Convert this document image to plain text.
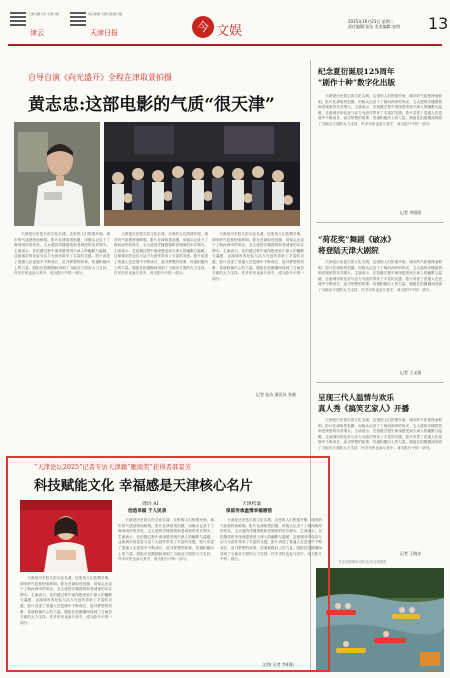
上海交通大学 天津日报	每日新闻 天津日报客户端
津云	天津日报	今 文娱
2025年10月21日 星期二
责任编辑:张洁 美术编辑:安琪	13
自导自演《向光盛开》全程在津取景拍摄
黄志忠:这部电影的气质“很天津”

天津是历史悠久的文化名城，这里的人们热情开朗，城市的气质独特而鲜明。影片在津取景拍摄，用镜头记录下了海河两岸的风光、五大道的洋楼建筑和老城里的市井烟火。主演表示，在拍摄过程中深深感受到天津人的幽默与温暖，这座城市的包容与活力为创作带来了丰富的灵感。影片讲述了普通人在逆境中不断成长、追寻梦想的故事，传递积极向上的力量。剧组在拍摄期间得到了当地各方面的大力支持，许多市民也参与其中，成为影片中的一部分。

天津是历史悠久的文化名城，这里的人们热情开朗，城市的气质独特而鲜明。影片在津取景拍摄，用镜头记录下了海河两岸的风光、五大道的洋楼建筑和老城里的市井烟火。主演表示，在拍摄过程中深深感受到天津人的幽默与温暖，这座城市的包容与活力为创作带来了丰富的灵感。影片讲述了普通人在逆境中不断成长、追寻梦想的故事，传递积极向上的力量。剧组在拍摄期间得到了当地各方面的大力支持，许多市民也参与其中，成为影片中的一部分。

天津是历史悠久的文化名城，这里的人们热情开朗，城市的气质独特而鲜明。影片在津取景拍摄，用镜头记录下了海河两岸的风光、五大道的洋楼建筑和老城里的市井烟火。主演表示，在拍摄过程中深深感受到天津人的幽默与温暖，这座城市的包容与活力为创作带来了丰富的灵感。影片讲述了普通人在逆境中不断成长、追寻梦想的故事，传递积极向上的力量。剧组在拍摄期间得到了当地各方面的大力支持，许多市民也参与其中，成为影片中的一部分。

记者 张洁 通讯员 张晓
纪念夏衍诞辰125周年
“剧作十种”数字化出版

天津是历史悠久的文化名城，这里的人们热情开朗，城市的气质独特而鲜明。影片在津取景拍摄，用镜头记录下了海河两岸的风光、五大道的洋楼建筑和老城里的市井烟火。主演表示，在拍摄过程中深深感受到天津人的幽默与温暖，这座城市的包容与活力为创作带来了丰富的灵感。影片讲述了普通人在逆境中不断成长、追寻梦想的故事，传递积极向上的力量。剧组在拍摄期间得到了当地各方面的大力支持，许多市民也参与其中，成为影片中的一部分。

记者 李阳阳
“荷花奖”舞剧《破冰》
将登陆天津大剧院

天津是历史悠久的文化名城，这里的人们热情开朗，城市的气质独特而鲜明。影片在津取景拍摄，用镜头记录下了海河两岸的风光、五大道的洋楼建筑和老城里的市井烟火。主演表示，在拍摄过程中深深感受到天津人的幽默与温暖，这座城市的包容与活力为创作带来了丰富的灵感。影片讲述了普通人在逆境中不断成长、追寻梦想的故事，传递积极向上的力量。剧组在拍摄期间得到了当地各方面的大力支持，许多市民也参与其中，成为影片中的一部分。

记者 王文娟
呈现三代人温情与欢乐
真人秀《搞笑艺家人》开播

天津是历史悠久的文化名城，这里的人们热情开朗，城市的气质独特而鲜明。影片在津取景拍摄，用镜头记录下了海河两岸的风光、五大道的洋楼建筑和老城里的市井烟火。主演表示，在拍摄过程中深深感受到天津人的幽默与温暖，这座城市的包容与活力为创作带来了丰富的灵感。影片讲述了普通人在逆境中不断成长、追寻梦想的故事，传递积极向上的力量。剧组在拍摄期间得到了当地各方面的大力支持，许多市民也参与其中，成为影片中的一部分。

记者 王晓东
节目录制现场 图片由节目组提供
“天津论坛2025”记者专访天津籍“雁南奖”获得者郝景芳
科技赋能文化 幸福感是天津核心名片

天津是历史悠久的文化名城，这里的人们热情开朗，城市的气质独特而鲜明。影片在津取景拍摄，用镜头记录下了海河两岸的风光、五大道的洋楼建筑和老城里的市井烟火。主演表示，在拍摄过程中深深感受到天津人的幽默与温暖，这座城市的包容与活力为创作带来了丰富的灵感。影片讲述了普通人在逆境中不断成长、追寻梦想的故事，传递积极向上的力量。剧组在拍摄期间得到了当地各方面的大力支持，许多市民也参与其中，成为影片中的一部分。

周玲 AI
创造幸福 于人民表

天津是历史悠久的文化名城，这里的人们热情开朗，城市的气质独特而鲜明。影片在津取景拍摄，用镜头记录下了海河两岸的风光、五大道的洋楼建筑和老城里的市井烟火。主演表示，在拍摄过程中深深感受到天津人的幽默与温暖，这座城市的包容与活力为创作带来了丰富的灵感。影片讲述了普通人在逆境中不断成长、追寻梦想的故事，传递积极向上的力量。剧组在拍摄期间得到了当地各方面的大力支持，许多市民也参与其中，成为影片中的一部分。

天津档案
保留传承温情幸福感悟

天津是历史悠久的文化名城，这里的人们热情开朗，城市的气质独特而鲜明。影片在津取景拍摄，用镜头记录下了海河两岸的风光、五大道的洋楼建筑和老城里的市井烟火。主演表示，在拍摄过程中深深感受到天津人的幽默与温暖，这座城市的包容与活力为创作带来了丰富的灵感。影片讲述了普通人在逆境中不断成长、追寻梦想的故事，传递积极向上的力量。剧组在拍摄期间得到了当地各方面的大力支持，许多市民也参与其中，成为影片中的一部分。

文/图 记者 李阳阳
